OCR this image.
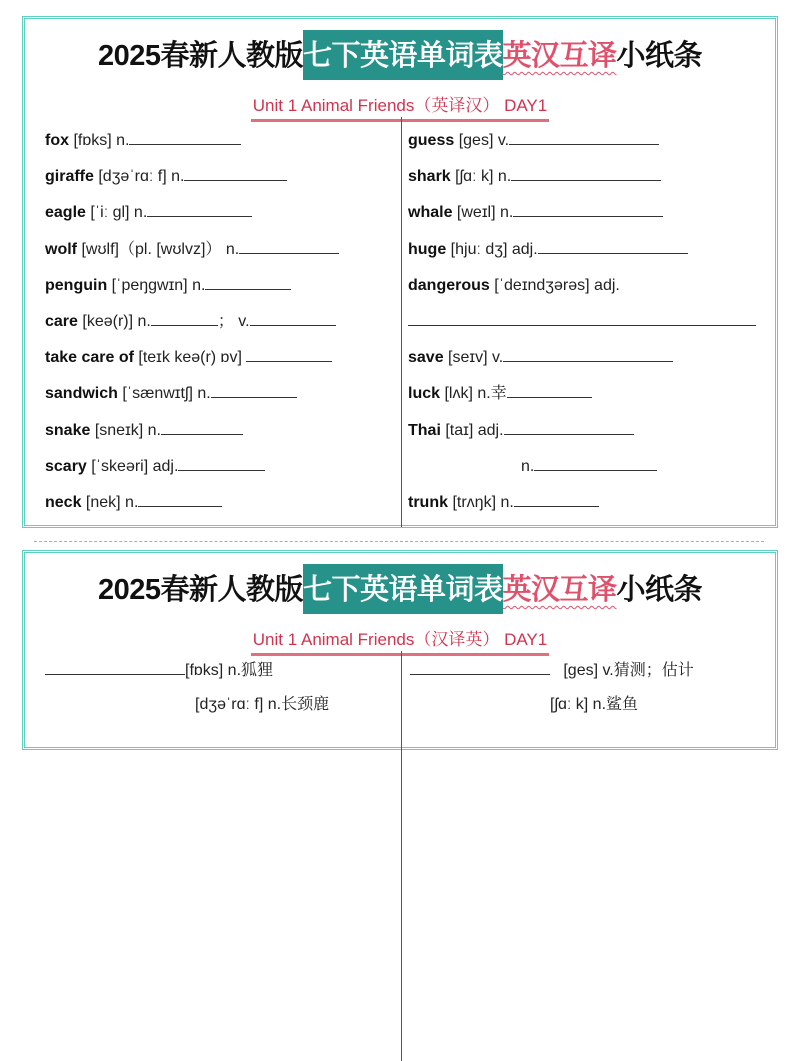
2025春新人教版七下英语单词表英汉互译小纸条
Unit 1 Animal Friends（英译汉） DAY1
fox [fɒks] n.
giraffe [dʒəˈrɑː f] n.
eagle [ˈiː gl] n.
wolf [wʊlf]（pl. [wʊlvz]） n.
penguin [ˈpeŋgwɪn] n.
care [keə(r)] n.	； v.
take care of [teɪk keə(r) ɒv]
sandwich [ˈsænwɪtʃ] n.
snake [sneɪk] n.
scary [ˈskeəri] adj.
neck [nek] n.
guess [ges] v.
shark [ʃɑː k] n.
whale [weɪl] n.
huge [hjuː dʒ] adj.
dangerous [ˈdeɪndʒərəs] adj.
save [seɪv] v.
luck [lʌk] n.幸
Thai [taɪ] adj.
n.
trunk [trʌŋk] n.
2025春新人教版七下英语单词表英汉互译小纸条
Unit 1 Animal Friends（汉译英） DAY1
[fɒks] n.狐狸
[dʒəˈrɑː f] n.长颈鹿
[ges] v.猜测；估计
[ʃɑː k] n.鲨鱼
